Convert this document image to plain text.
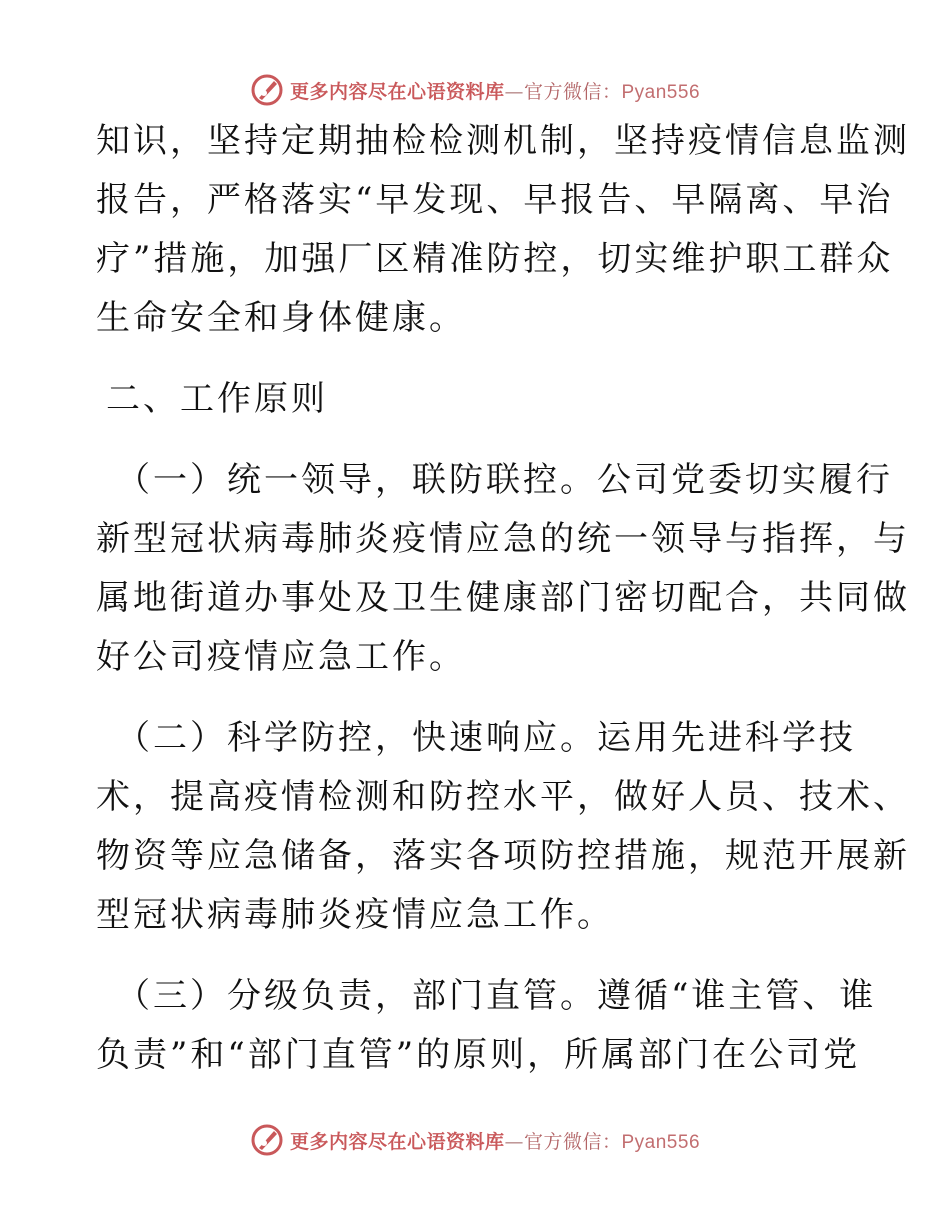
更多内容尽在心语资料库—官方微信：Pyan556
知识，坚持定期抽检检测机制，坚持疫情信息监测
报告，严格落实“早发现、早报告、早隔离、早治
疗”措施，加强厂区精准防控，切实维护职工群众
生命安全和身体健康。
二、工作原则
（一）统一领导，联防联控。公司党委切实履行
新型冠状病毒肺炎疫情应急的统一领导与指挥，与
属地街道办事处及卫生健康部门密切配合，共同做
好公司疫情应急工作。
（二）科学防控，快速响应。运用先进科学技
术，提高疫情检测和防控水平，做好人员、技术、
物资等应急储备，落实各项防控措施，规范开展新
型冠状病毒肺炎疫情应急工作。
（三）分级负责，部门直管。遵循“谁主管、谁
负责”和“部门直管”的原则，所属部门在公司党
更多内容尽在心语资料库—官方微信：Pyan556
